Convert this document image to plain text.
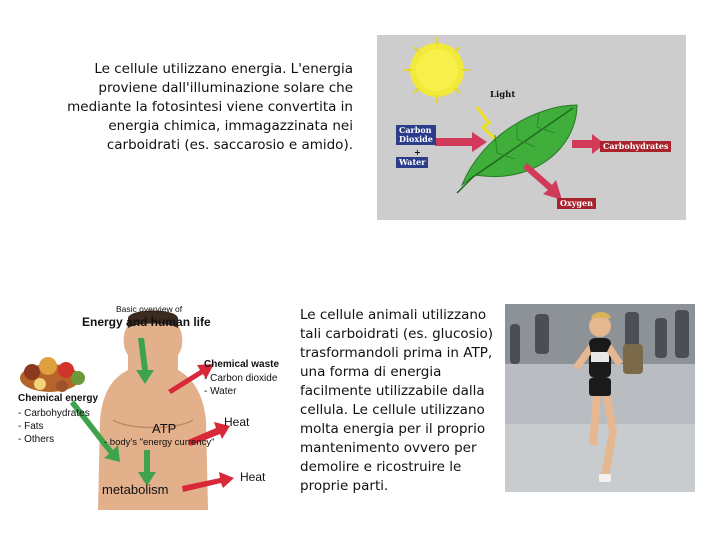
Le cellule utilizzano energia. L'energia proviene dall'illuminazione solare che mediante la fotosintesi viene convertita in energia chimica, immagazzinata nei carboidrati (es. saccarosio e amido).
Light
Carbon
Dioxide
+
Water
Carbohydrates
Oxygen
Basic overview of
Energy and human life
Chemical waste
- Carbon dioxide
- Water
Chemical energy
- Carbohydrates
- Fats
- Others
ATP
- body's "energy currency"
Heat
Heat
metabolism
Le cellule animali utilizzano tali carboidrati (es. glucosio) trasformandoli prima in ATP, una forma di energia facilmente utilizzabile dalla cellula. Le cellule utilizzano molta energia per il proprio mantenimento ovvero per demolire e ricostruire le proprie parti.
